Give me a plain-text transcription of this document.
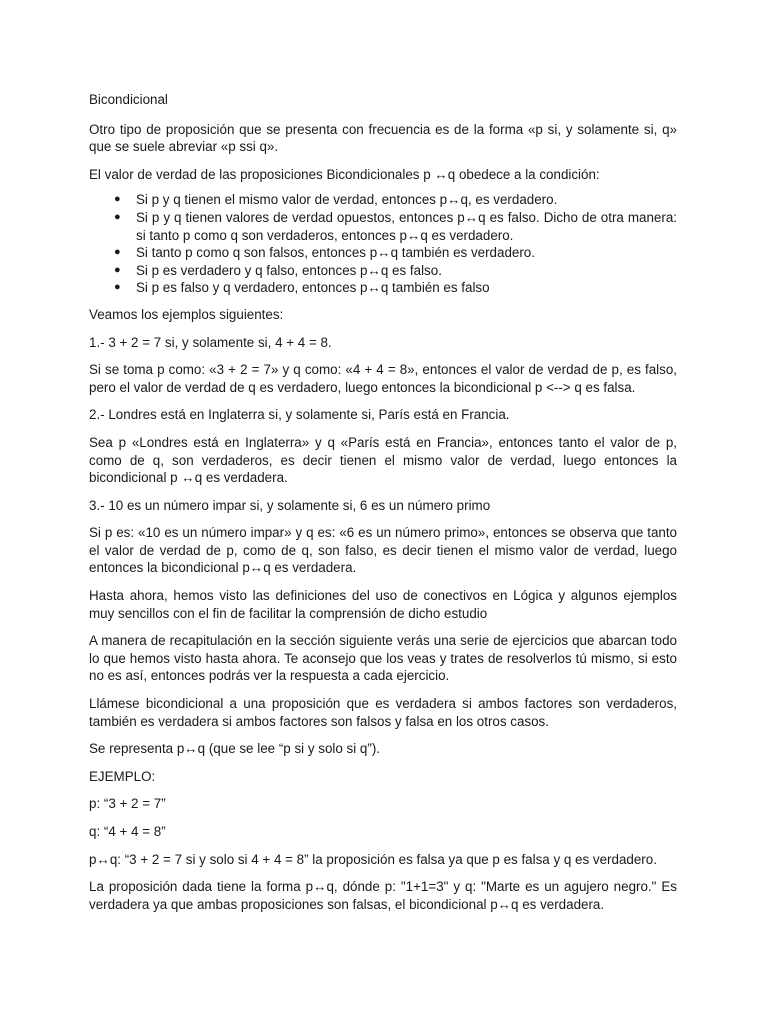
Bicondicional

Otro tipo de proposición que se presenta con frecuencia es de la forma «p si, y solamente si, q» que se suele abreviar «p ssi q».

El valor de verdad de las proposiciones Bicondicionales p ↔q obedece a la condición:

● Si p y q tienen el mismo valor de verdad, entonces p↔q, es verdadero.
● Si p y q tienen valores de verdad opuestos, entonces p↔q es falso. Dicho de otra manera: si tanto p como q son verdaderos, entonces p↔q es verdadero.
● Si tanto p como q son falsos, entonces p↔q también es verdadero.
● Si p es verdadero y q falso, entonces p↔q es falso.
● Si p es falso y q verdadero, entonces p↔q también es falso

Veamos los ejemplos siguientes:

1.- 3 + 2 = 7 si, y solamente si, 4 + 4 = 8.

Si se toma p como: «3 + 2 = 7» y q como: «4 + 4 = 8», entonces el valor de verdad de p, es falso, pero el valor de verdad de q es verdadero, luego entonces la bicondicional p <--> q es falsa.

2.- Londres está en Inglaterra si, y solamente si, París está en Francia.

Sea p «Londres está en Inglaterra» y q «París está en Francia», entonces tanto el valor de p, como de q, son verdaderos, es decir tienen el mismo valor de verdad, luego entonces la bicondicional p ↔q es verdadera.

3.- 10 es un número impar si, y solamente si, 6 es un número primo

Si p es: «10 es un número impar» y q es: «6 es un número primo», entonces se observa que tanto el valor de verdad de p, como de q, son falso, es decir tienen el mismo valor de verdad, luego entonces la bicondicional p↔q es verdadera.

Hasta ahora, hemos visto las definiciones del uso de conectivos en Lógica y algunos ejemplos muy sencillos con el fin de facilitar la comprensión de dicho estudio

A manera de recapitulación en la sección siguiente verás una serie de ejercicios que abarcan todo lo que hemos visto hasta ahora. Te aconsejo que los veas y trates de resolverlos tú mismo, si esto no es así, entonces podrás ver la respuesta a cada ejercicio.

Llámese bicondicional a una proposición que es verdadera si ambos factores son verdaderos, también es verdadera si ambos factores son falsos y falsa en los otros casos.

Se representa p↔q (que se lee “p si y solo si q”).

EJEMPLO:

p: “3 + 2 = 7”

q: “4 + 4 = 8”

p↔q: “3 + 2 = 7 si y solo si 4 + 4 = 8” la proposición es falsa ya que p es falsa y q es verdadero.

La proposición dada tiene la forma p↔q, dónde p: "1+1=3" y q: "Marte es un agujero negro." Es verdadera ya que ambas proposiciones son falsas, el bicondicional p↔q es verdadera.
